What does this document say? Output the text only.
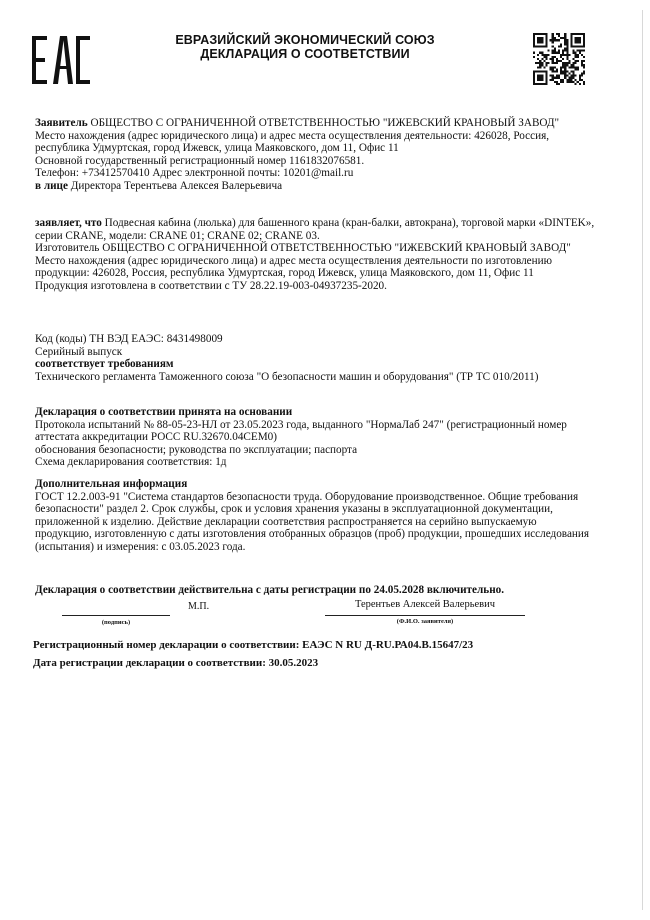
ЕВРАЗИЙСКИЙ ЭКОНОМИЧЕСКИЙ СОЮЗ
ДЕКЛАРАЦИЯ О СООТВЕТСТВИИ

Заявитель ОБЩЕСТВО С ОГРАНИЧЕННОЙ ОТВЕТСТВЕННОСТЬЮ "ИЖЕВСКИЙ КРАНОВЫЙ ЗАВОД"

Место нахождения (адрес юридического лица) и адрес места осуществления деятельности: 426028, Россия, республика Удмуртская, город Ижевск, улица Маяковского, дом 11, Офис 11

Основной государственный регистрационный номер 1161832076581.

Телефон: +73412570410 Адрес электронной почты: 10201@mail.ru

в лице Директора Терентьева Алексея Валерьевича

заявляет, что Подвесная кабина (люлька) для башенного крана (кран-балки, автокрана), торговой марки «DINTEK», серии CRANE, модели: CRANE 01; CRANE 02; CRANE 03.

Изготовитель ОБЩЕСТВО С ОГРАНИЧЕННОЙ ОТВЕТСТВЕННОСТЬЮ "ИЖЕВСКИЙ КРАНОВЫЙ ЗАВОД"

Место нахождения (адрес юридического лица) и адрес места осуществления деятельности по изготовлению продукции: 426028, Россия, республика Удмуртская, город Ижевск, улица Маяковского, дом 11, Офис 11

Продукция изготовлена в соответствии с ТУ 28.22.19-003-04937235-2020.

Код (коды) ТН ВЭД ЕАЭС: 8431498009

Серийный выпуск

соответствует требованиям

Технического регламента Таможенного союза "О безопасности машин и оборудования" (ТР ТС 010/2011)

Декларация о соответствии принята на основании

Протокола испытаний № 88-05-23-НЛ от 23.05.2023 года, выданного "НормаЛаб 247" (регистрационный номер аттестата аккредитации РОСС RU.32670.04СЕМ0)

обоснования безопасности; руководства по эксплуатации; паспорта

Схема декларирования соответствия: 1д

Дополнительная информация

ГОСТ 12.2.003-91 "Система стандартов безопасности труда. Оборудование производственное. Общие требования безопасности" раздел 2. Срок службы, срок и условия хранения указаны в эксплуатационной документации, приложенной к изделию. Действие декларации соответствия распространяется на серийно выпускаемую продукцию, изготовленную с даты изготовления отобранных образцов (проб) продукции, прошедших исследования (испытания) и измерения: с 03.05.2023 года.

Декларация о соответствии действительна с даты регистрации по 24.05.2028 включительно.
(подпись)
М.П.	Терентьев Алексей Валерьевич
(Ф.И.О. заявителя)
Регистрационный номер декларации о соответствии: ЕАЭС N RU Д-RU.РА04.В.15647/23
Дата регистрации декларации о соответствии: 30.05.2023
